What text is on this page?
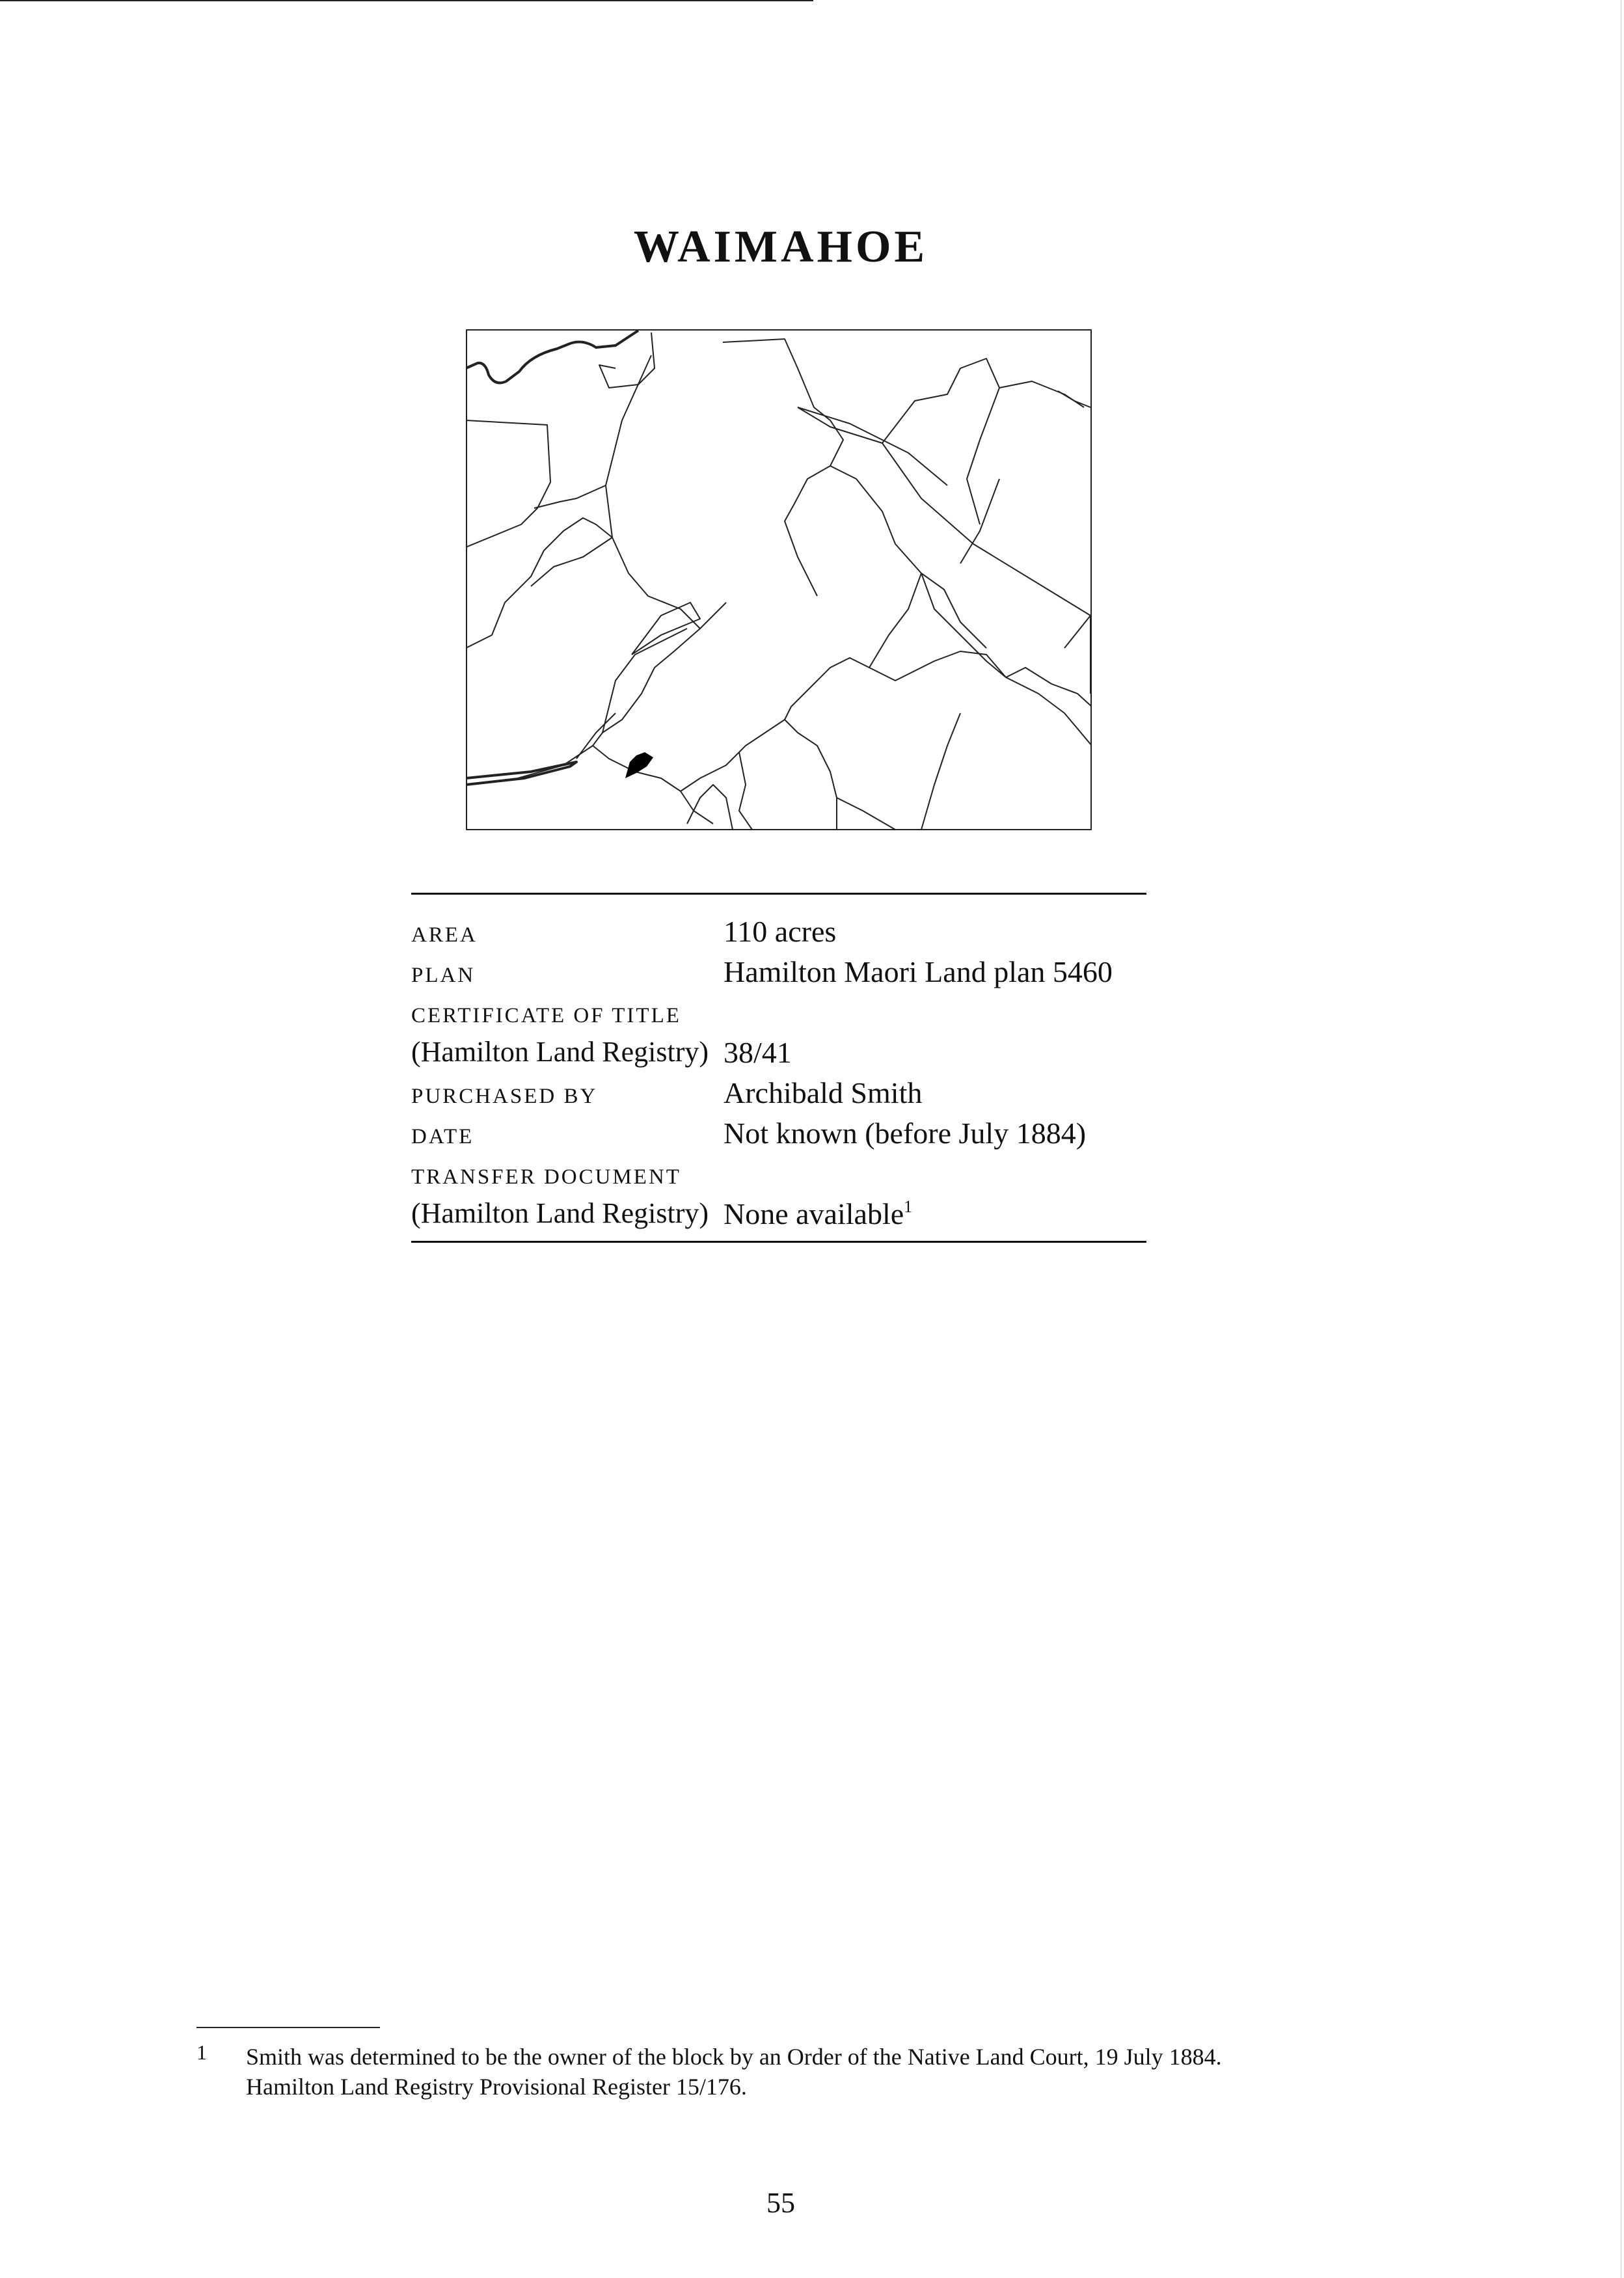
WAIMAHOE
AREA	110 acres
PLAN	Hamilton Maori Land plan 5460
CERTIFICATE OF TITLE
(Hamilton Land Registry) 38/41
PURCHASED BY	Archibald Smith
DATE	Not known (before July 1884)
TRANSFER DOCUMENT
(Hamilton Land Registry) None available$^1$
1 Smith was determined to be the owner of the block by an Order of the Native Land Court, 19 July 1884.

Hamilton Land Registry Provisional Register 15/176.

55
